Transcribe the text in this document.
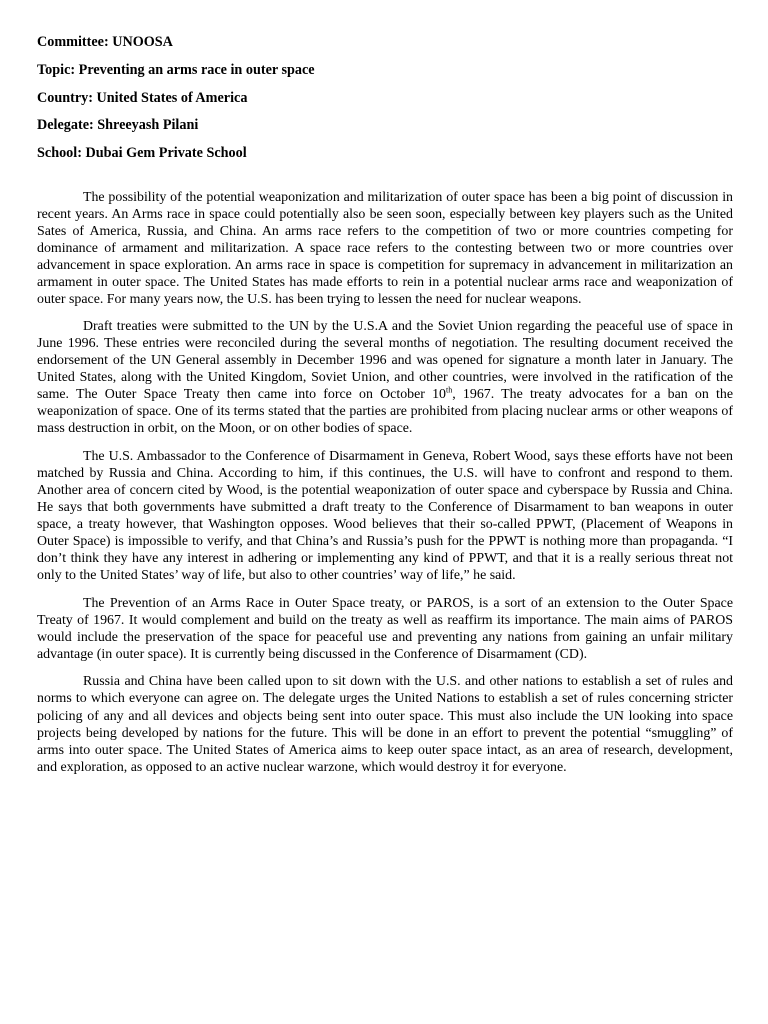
Committee: UNOOSA
Topic: Preventing an arms race in outer space
Country: United States of America
Delegate: Shreeyash Pilani
School: Dubai Gem Private School

The possibility of the potential weaponization and militarization of outer space has been a big point of discussion in recent years. An Arms race in space could potentially also be seen soon, especially between key players such as the United Sates of America, Russia, and China. An arms race refers to the competition of two or more countries competing for dominance of armament and militarization. A space race refers to the contesting between two or more countries over advancement in space exploration. An arms race in space is competition for supremacy in advancement in militarization an armament in outer space. The United States has made efforts to rein in a potential nuclear arms race and weaponization of outer space. For many years now, the U.S. has been trying to lessen the need for nuclear weapons.

Draft treaties were submitted to the UN by the U.S.A and the Soviet Union regarding the peaceful use of space in June 1996. These entries were reconciled during the several months of negotiation. The resulting document received the endorsement of the UN General assembly in December 1996 and was opened for signature a month later in January. The United States, along with the United Kingdom, Soviet Union, and other countries, were involved in the ratification of the same. The Outer Space Treaty then came into force on October 10th, 1967. The treaty advocates for a ban on the weaponization of space. One of its terms stated that the parties are prohibited from placing nuclear arms or other weapons of mass destruction in orbit, on the Moon, or on other bodies of space.

The U.S. Ambassador to the Conference of Disarmament in Geneva, Robert Wood, says these efforts have not been matched by Russia and China. According to him, if this continues, the U.S. will have to confront and respond to them. Another area of concern cited by Wood, is the potential weaponization of outer space and cyberspace by Russia and China. He says that both governments have submitted a draft treaty to the Conference of Disarmament to ban weapons in outer space, a treaty however, that Washington opposes. Wood believes that their so-called PPWT, (Placement of Weapons in Outer Space) is impossible to verify, and that China’s and Russia’s push for the PPWT is nothing more than propaganda. “I don’t think they have any interest in adhering or implementing any kind of PPWT, and that it is a really serious threat not only to the United States’ way of life, but also to other countries’ way of life,” he said.

The Prevention of an Arms Race in Outer Space treaty, or PAROS, is a sort of an extension to the Outer Space Treaty of 1967. It would complement and build on the treaty as well as reaffirm its importance. The main aims of PAROS would include the preservation of the space for peaceful use and preventing any nations from gaining an unfair military advantage (in outer space). It is currently being discussed in the Conference of Disarmament (CD).

Russia and China have been called upon to sit down with the U.S. and other nations to establish a set of rules and norms to which everyone can agree on. The delegate urges the United Nations to establish a set of rules concerning stricter policing of any and all devices and objects being sent into outer space. This must also include the UN looking into space projects being developed by nations for the future. This will be done in an effort to prevent the potential “smuggling” of arms into outer space. The United States of America aims to keep outer space intact, as an area of research, development, and exploration, as opposed to an active nuclear warzone, which would destroy it for everyone.
